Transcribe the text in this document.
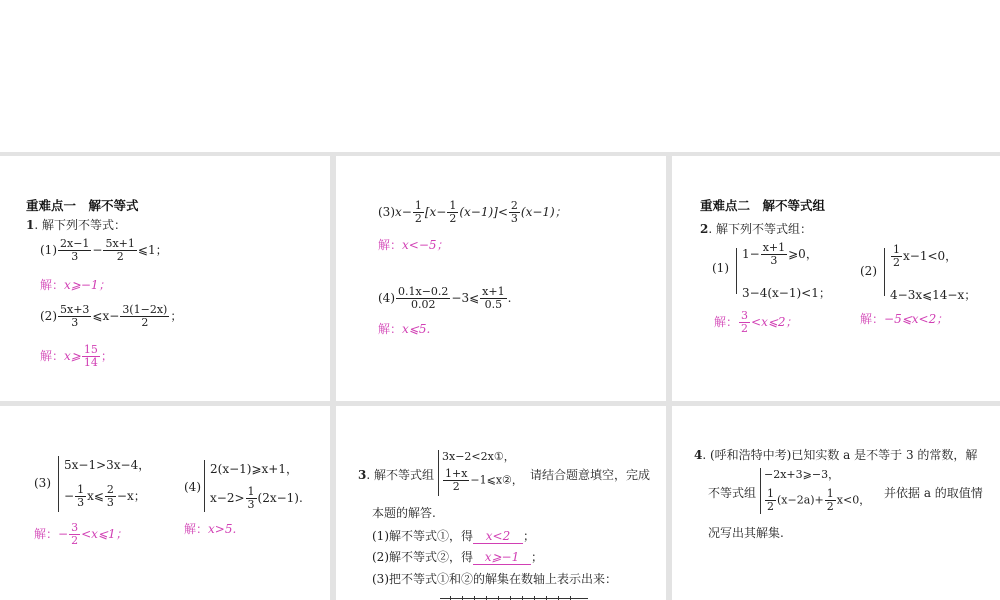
重难点一　解不等式
1. 解下列不等式：
$(1) \frac{2x-1}{3} - \frac{5x+1}{2}$ ⩽1；
解：x⩾−1；
$(2) \frac{5x+3}{3}$ ⩽x− $\frac{3(1-2x)}{2}$ ；
解：x⩾ $\frac{15}{14}$ ；
$(3)x- \frac{1}{2} [x- \frac{1}{2} (x-1)]< \frac{2}{3} (x-1)$；
解：x<−5；
$(4) \frac{0.1x-0.2}{0.02}$ −3⩽ $\frac{x+1}{0.5}$ .
解：x⩽5.
重难点二　解不等式组
2. 解下列不等式组：
(1)
$1- \frac{x+1}{3}$ ⩾0，
3−4(x−1)<1；
(2)
$\frac{1}{2} x-1<0$，
4−3x⩽14−x；
解： $\frac{3}{2}$ <x⩽2；	解：−5⩽x<2；
(3)
5x−1>3x−4，
− $\frac{1}{3}$ x⩽ $\frac{2}{3} -x$；
(4)
2(x−1)⩾x+1，
$x-2> \frac{1}{3} (2x-1)$.
解：− $\frac{3}{2}$ <x⩽1；	解：x>5.
3. 解不等式组
3x−2<2x①，
$\frac{1+x}{2}$ −1⩽x②， 请结合题意填空，完成
本题的解答.
(1)解不等式①，得 x<2 ；
(2)解不等式②，得 x⩾−1 ；
(3)把不等式①和②的解集在数轴上表示出来：
4. (呼和浩特中考)已知实数 a 是不等于 3 的常数，解
不等式组
−2x+3⩾−3，
$\frac{1}{2} (x-2a)+ \frac{1}{2} x<0$， 并依据 a 的取值情
况写出其解集.
